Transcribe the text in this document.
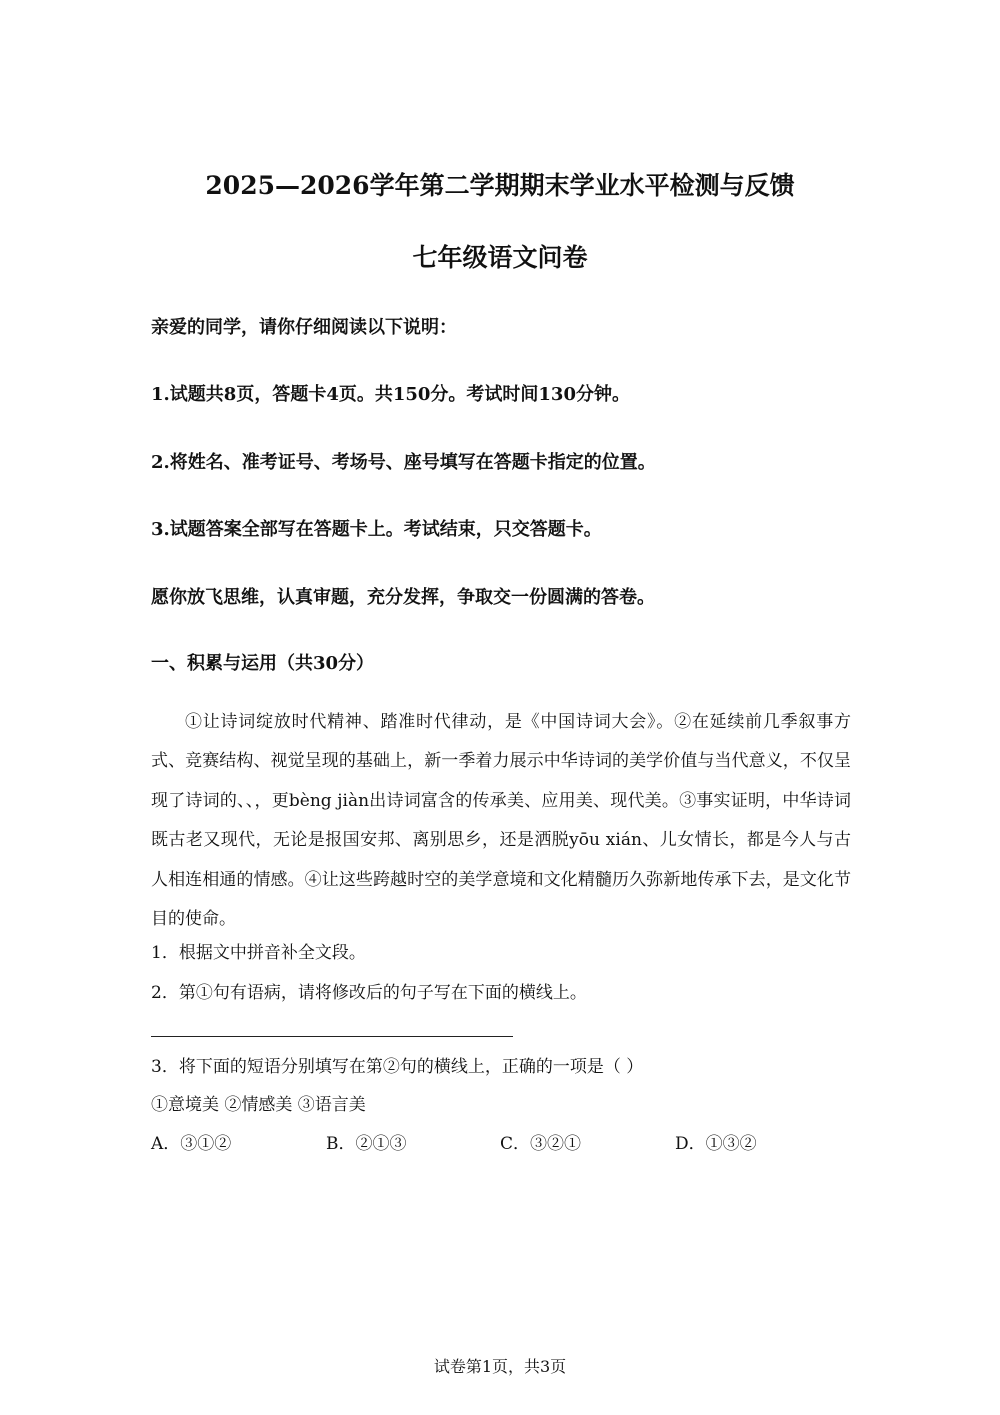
2025—2026学年第二学期期末学业水平检测与反馈
七年级语文问卷
亲爱的同学，请你仔细阅读以下说明：
1.试题共8页，答题卡4页。共150分。考试时间130分钟。
2.将姓名、准考证号、考场号、座号填写在答题卡指定的位置。
3.试题答案全部写在答题卡上。考试结束，只交答题卡。
愿你放飞思维，认真审题，充分发挥，争取交一份圆满的答卷。
一、积累与运用（共30分）

①让诗词绽放时代精神、踏准时代律动，是《中国诗词大会》。②在延续前几季叙事方式、竞赛结构、视觉呈现的基础上，新一季着力展示中华诗词的美学价值与当代意义，不仅呈现了诗词的、、，更bèng jiàn出诗词富含的传承美、应用美、现代美。③事实证明，中华诗词既古老又现代，无论是报国安邦、离别思乡，还是洒脱yōu xián、儿女情长，都是今人与古人相连相通的情感。④让这些跨越时空的美学意境和文化精髓历久弥新地传承下去，是文化节目的使命。

1．根据文中拼音补全文段。
2．第①句有语病，请将修改后的句子写在下面的横线上。
3．将下面的短语分别填写在第②句的横线上，正确的一项是（ ）
①意境美 ②情感美 ③语言美
A．③①②	B．②①③	C．③②①	D．①③②
试卷第1页，共3页
